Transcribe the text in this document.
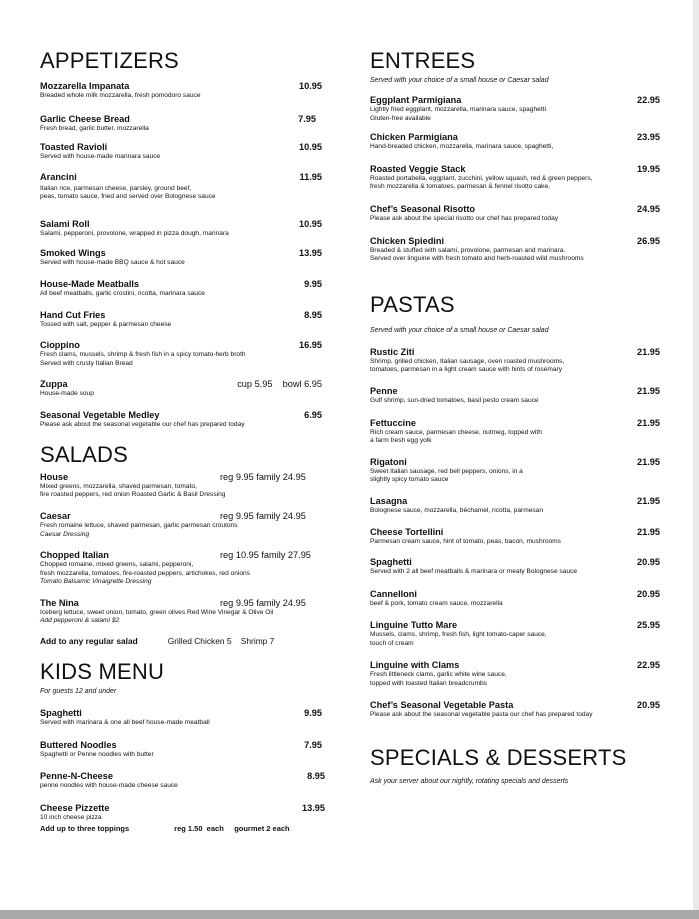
APPETIZERS
Mozzarella Impanata	10.95
Breaded whole milk mozzarella, fresh pomodoro sauce
Garlic Cheese Bread	7.95
Fresh bread, garlic butter, mozzarella
Toasted Ravioli	10.95
Served with house-made marinara sauce
Arancini	11.95
Italian rice, parmesan cheese, parsley, ground beef,
peas, tomato sauce, fried and served over Bolognese sauce
Salami Roll	10.95
Salami, pepperoni, provolone, wrapped in pizza dough, marinara
Smoked Wings	13.95
Served with house-made BBQ sauce & hot sauce
House-Made Meatballs	9.95
All beef meatballs, garlic crostini, ricotta, marinara sauce
Hand Cut Fries	8.95
Tossed with salt, pepper & parmesan cheese
Cioppino	16.95
Fresh clams, mussels, shrimp & fresh fish in a spicy tomato-herb broth
Served with crusty Italian Bread
Zuppa	cup 5.95    bowl 6.95
House-made soup
Seasonal Vegetable Medley	6.95
Please ask about the seasonal vegetable our chef has prepared today
SALADS
House	reg 9.95 family 24.95
Mixed greens, mozzarella, shaved parmesan, tomato,
fire roasted peppers, red onion Roasted Garlic & Basil Dressing
Caesar	reg 9.95 family 24.95
Fresh romaine lettuce, shaved parmesan, garlic parmesan croutons
Caesar Dressing
Chopped Italian	reg 10.95 family 27.95
Chopped romaine, mixed greens, salami, pepperoni,
fresh mozzarella, tomatoes, fire-roasted peppers, artichokes, red onions
Tomato Balsamic Vinaigrette Dressing
The Nina	reg 9.95 family 24.95
Iceberg lettuce, sweet onion, tomato, green olives Red Wine Vinegar & Olive Oil
Add pepperoni & salami $2
Add to any regular salad	Grilled Chicken 5    Shrimp 7
KIDS MENU
For guests 12 and under
Spaghetti	9.95
Served with marinara & one all beef house-made meatball
Buttered Noodles	7.95
Spaghetti or Penne noodles with butter
Penne-N-Cheese	8.95
penne noodles with house-made cheese sauce
Cheese Pizzette	13.95
10 inch cheese pizza
Add up to three toppings	reg 1.50  each     gourmet 2 each
ENTREES
Served with your choice of a small house or Caesar salad
Eggplant Parmigiana	22.95
Lightly fried eggplant, mozzarella, marinara sauce, spaghetti
Gluten-free available
Chicken Parmigiana	23.95
Hand-breaded chicken, mozzarella, marinara sauce, spaghetti,
Roasted Veggie Stack	19.95
Roasted portabella, eggplant, zucchini, yellow squash, red & green peppers,
fresh mozzarella & tomatoes, parmesan & fennel risotto cake,
Chef’s Seasonal Risotto	24.95
Please ask about the special risotto our chef has prepared today
Chicken Spiedini	26.95
Breaded & stuffed with salami, provolone, parmesan and marinara.
Served over linguine with fresh tomato and herb-roasted wild mushrooms
PASTAS
Served with your choice of a small house or Caesar salad
Rustic Ziti	21.95
Shrimp, grilled chicken, Italian sausage, oven roasted mushrooms,
tomatoes, parmesan in a light cream sauce with hints of rosemary
Penne	21.95
Gulf shrimp, sun-dried tomatoes, basil pesto cream sauce
Fettuccine	21.95
Rich cream sauce, parmesan cheese, nutmeg, topped with
a farm fresh egg yolk
Rigatoni	21.95
Sweet Italian sausage, red bell peppers, onions, in a
slightly spicy tomato sauce
Lasagna	21.95
Bolognese sauce, mozzarella, béchamel, ricotta, parmesan
Cheese Tortellini	21.95
Parmesan cream sauce, hint of tomato, peas, bacon, mushrooms
Spaghetti	20.95
Served with 2 all beef meatballs & marinara or meaty Bolognese sauce
Cannelloni	20.95
beef & pork, tomato cream sauce, mozzarella
Linguine Tutto Mare	25.95
Mussels, clams, shrimp, fresh fish, light tomato-caper sauce,
touch of cream
Linguine with Clams	22.95
Fresh littleneck clams, garlic white wine sauce,
topped with toasted Italian breadcrumbs
Chef’s Seasonal Vegetable Pasta	20.95
Please ask about the seasonal vegetable pasta our chef has prepared today
SPECIALS & DESSERTS
Ask your server about our nightly, rotating specials and desserts
